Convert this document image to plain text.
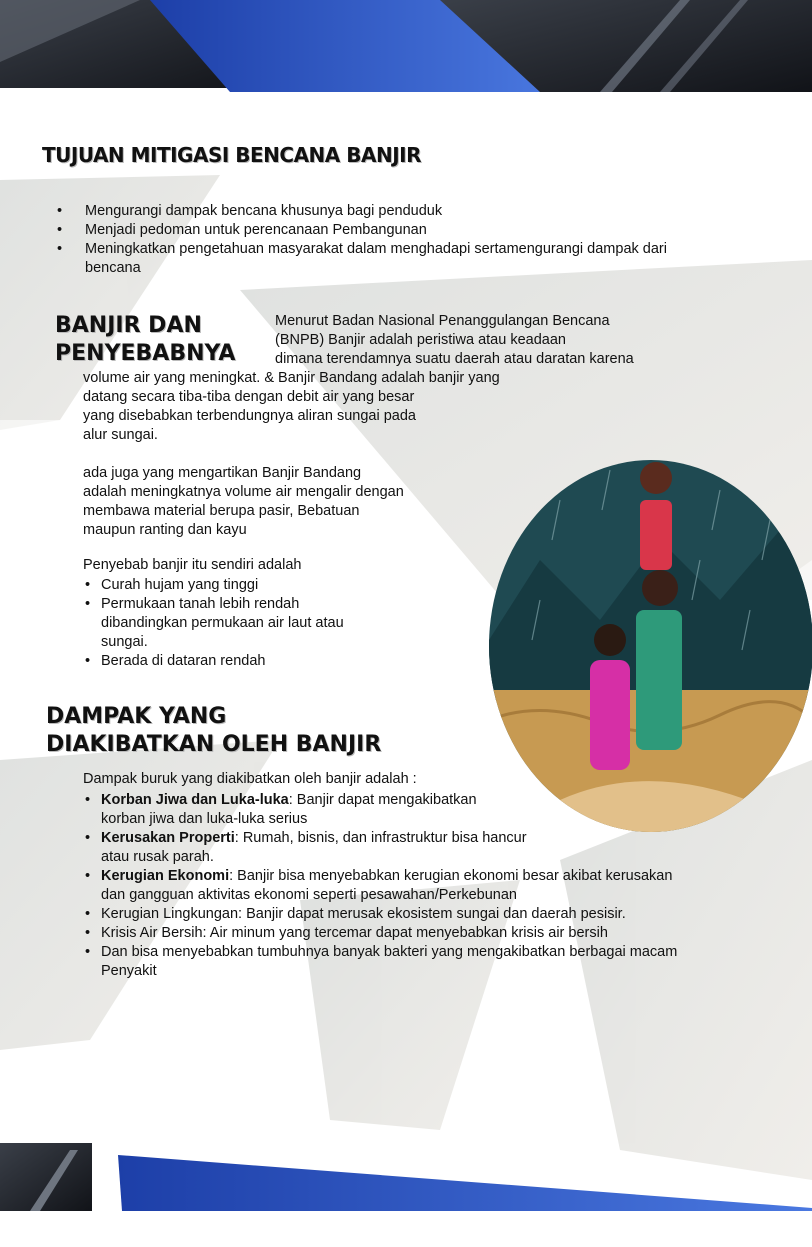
TUJUAN MITIGASI BENCANA BANJIR
• Mengurangi dampak bencana khusunya bagi penduduk
• Menjadi pedoman untuk perencanaan Pembangunan
• Meningkatkan pengetahuan masyarakat dalam menghadapi sertamengurangi dampak dari
bencana
BANJIR DAN
PENYEBABNYA
Menurut Badan Nasional Penanggulangan Bencana
(BNPB) Banjir adalah peristiwa atau keadaan
dimana terendamnya suatu daerah atau daratan karena
volume air yang meningkat. & Banjir Bandang adalah banjir yang
datang secara tiba-tiba dengan debit air yang besar
yang disebabkan terbendungnya aliran sungai pada
alur sungai.
ada juga yang mengartikan Banjir Bandang
adalah meningkatnya volume air mengalir dengan
membawa material berupa pasir, Bebatuan
maupun ranting dan kayu
Penyebab banjir itu sendiri adalah
• Curah hujam yang tinggi
• Permukaan tanah lebih rendah
dibandingkan permukaan air laut atau
sungai.
• Berada di dataran rendah
DAMPAK YANG
DIAKIBATKAN OLEH BANJIR
Dampak buruk yang diakibatkan oleh banjir adalah :
• Korban Jiwa dan Luka-luka: Banjir dapat mengakibatkan
korban jiwa dan luka-luka serius
• Kerusakan Properti: Rumah, bisnis, dan infrastruktur bisa hancur
atau rusak parah.
• Kerugian Ekonomi: Banjir bisa menyebabkan kerugian ekonomi besar akibat kerusakan
dan gangguan aktivitas ekonomi seperti pesawahan/Perkebunan
• Kerugian Lingkungan: Banjir dapat merusak ekosistem sungai dan daerah pesisir.
• Krisis Air Bersih: Air minum yang tercemar dapat menyebabkan krisis air bersih
• Dan bisa menyebabkan tumbuhnya banyak bakteri yang mengakibatkan berbagai macam
Penyakit
